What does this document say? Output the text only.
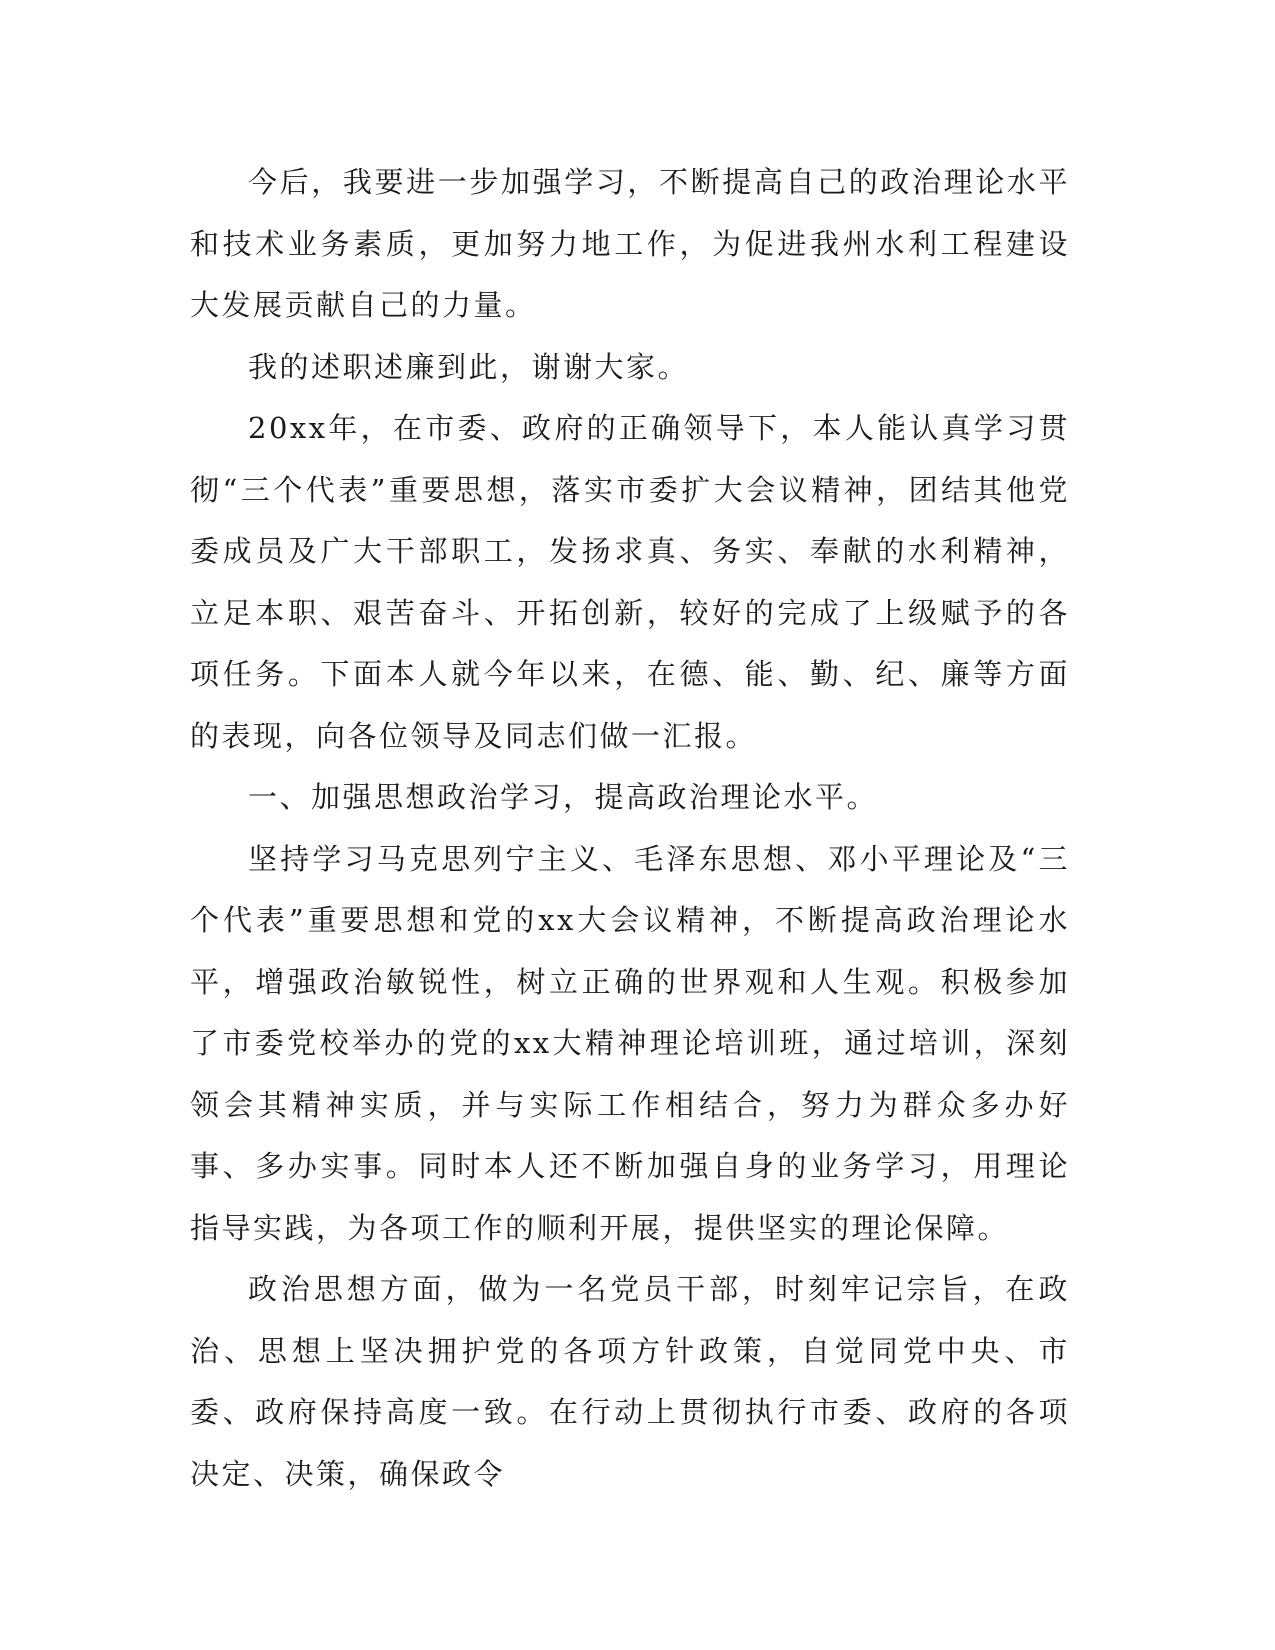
今后，我要进一步加强学习，不断提高自己的政治理论水平和技术业务素质，更加努力地工作，为促进我州水利工程建设大发展贡献自己的力量。

我的述职述廉到此，谢谢大家。

20xx年，在市委、政府的正确领导下，本人能认真学习贯彻“三个代表”重要思想，落实市委扩大会议精神，团结其他党委成员及广大干部职工，发扬求真、务实、奉献的水利精神，立足本职、艰苦奋斗、开拓创新，较好的完成了上级赋予的各项任务。下面本人就今年以来，在德、能、勤、纪、廉等方面的表现，向各位领导及同志们做一汇报。

一、加强思想政治学习，提高政治理论水平。

坚持学习马克思列宁主义、毛泽东思想、邓小平理论及“三个代表”重要思想和党的xx大会议精神，不断提高政治理论水平，增强政治敏锐性，树立正确的世界观和人生观。积极参加了市委党校举办的党的xx大精神理论培训班，通过培训，深刻领会其精神实质，并与实际工作相结合，努力为群众多办好事、多办实事。同时本人还不断加强自身的业务学习，用理论指导实践，为各项工作的顺利开展，提供坚实的理论保障。

政治思想方面，做为一名党员干部，时刻牢记宗旨，在政治、思想上坚决拥护党的各项方针政策，自觉同党中央、市委、政府保持高度一致。在行动上贯彻执行市委、政府的各项决定、决策，确保政令
